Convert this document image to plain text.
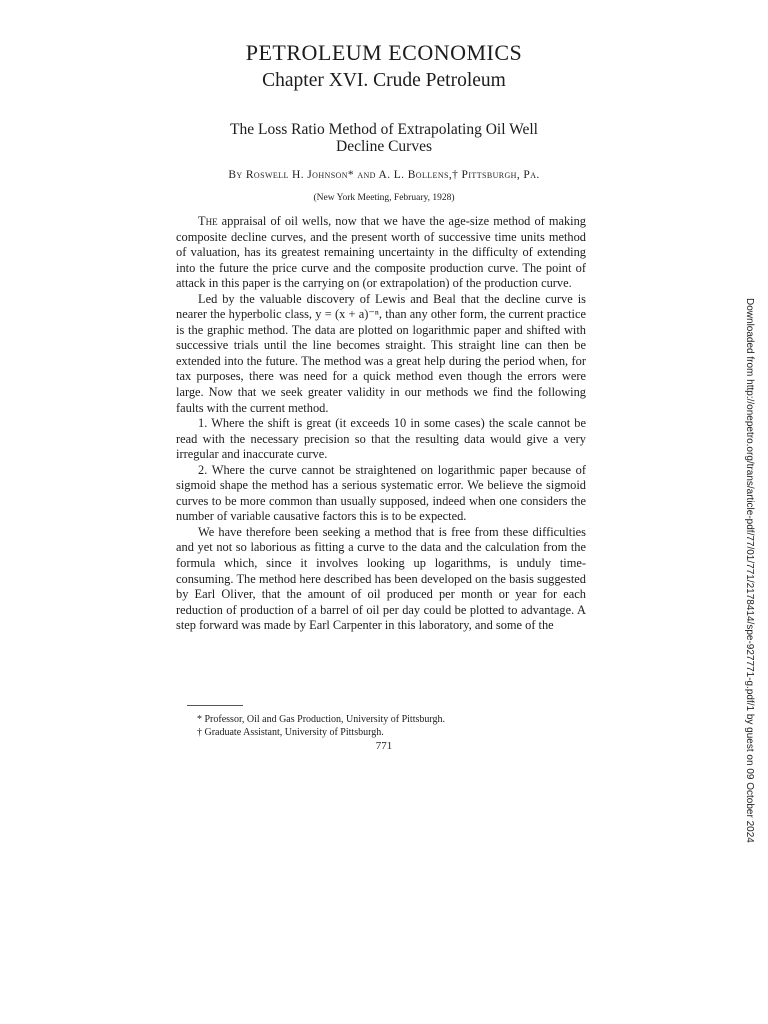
PETROLEUM ECONOMICS
Chapter XVI. Crude Petroleum
The Loss Ratio Method of Extrapolating Oil Well
Decline Curves
By Roswell H. Johnson* and A. L. Bollens,† Pittsburgh, Pa.
(New York Meeting, February, 1928)

The appraisal of oil wells, now that we have the age-size method of making composite decline curves, and the present worth of successive time units method of valuation, has its greatest remaining uncertainty in the difficulty of extending into the future the price curve and the composite production curve. The point of attack in this paper is the carrying on (or extrapolation) of the production curve.

Led by the valuable discovery of Lewis and Beal that the decline curve is nearer the hyperbolic class, y = (x + a)⁻ⁿ, than any other form, the current practice is the graphic method. The data are plotted on logarithmic paper and shifted with successive trials until the line becomes straight. This straight line can then be extended into the future. The method was a great help during the period when, for tax purposes, there was need for a quick method even though the errors were large. Now that we seek greater validity in our methods we find the following faults with the current method.

1. Where the shift is great (it exceeds 10 in some cases) the scale cannot be read with the necessary precision so that the resulting data would give a very irregular and inaccurate curve.

2. Where the curve cannot be straightened on logarithmic paper because of sigmoid shape the method has a serious systematic error. We believe the sigmoid curves to be more common than usually supposed, indeed when one considers the number of variable causative factors this is to be expected.

We have therefore been seeking a method that is free from these difficulties and yet not so laborious as fitting a curve to the data and the calculation from the formula which, since it involves looking up logarithms, is unduly time-consuming. The method here described has been developed on the basis suggested by Earl Oliver, that the amount of oil produced per month or year for each reduction of production of a barrel of oil per day could be plotted to advantage. A step forward was made by Earl Carpenter in this laboratory, and some of the

* Professor, Oil and Gas Production, University of Pittsburgh.
† Graduate Assistant, University of Pittsburgh.
771	Downloaded from http://onepetro.org/trans/article-pdf/77/01/771/2178414/spe-927771-g.pdf/1 by guest on 09 October 2024
